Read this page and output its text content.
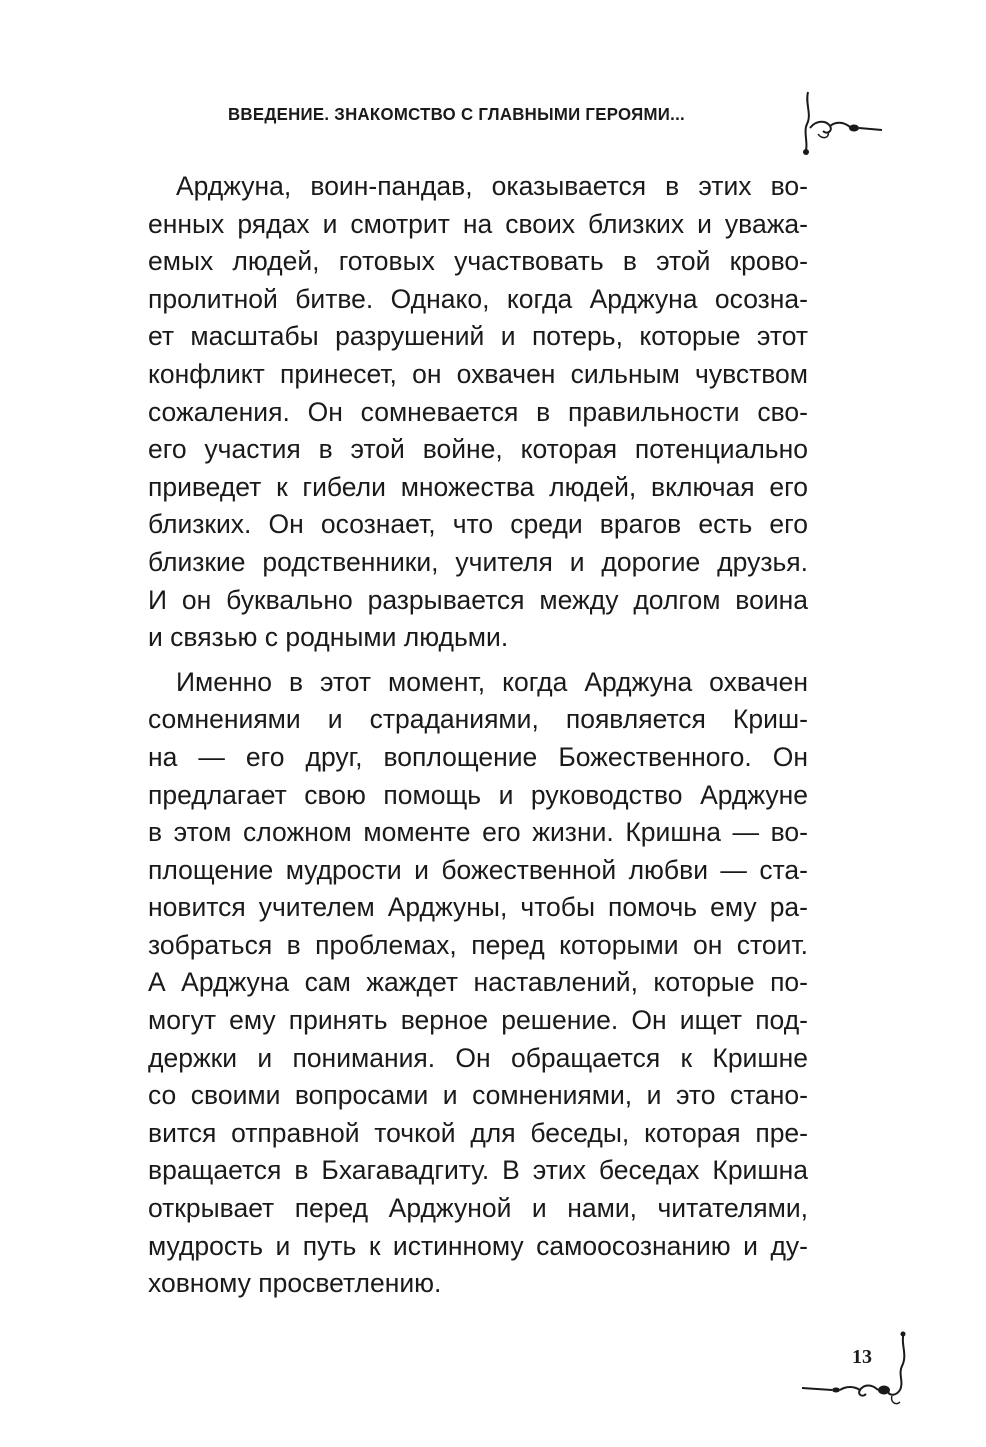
ВВЕДЕНИЕ. ЗНАКОМСТВО С ГЛАВНЫМИ ГЕРОЯМИ...
Арджуна, воин-пандав, оказывается в этих во-
енных рядах и смотрит на своих близких и уважа-
емых людей, готовых участвовать в этой крово-
пролитной битве. Однако, когда Арджуна осозна-
ет масштабы разрушений и потерь, которые этот
конфликт принесет, он охвачен сильным чувством
сожаления. Он сомневается в правильности сво-
его участия в этой войне, которая потенциально
приведет к гибели множества людей, включая его
близких. Он осознает, что среди врагов есть его
близкие родственники, учителя и дорогие друзья.
И он буквально разрывается между долгом воина
и связью с родными людьми.
Именно в этот момент, когда Арджуна охвачен
сомнениями и страданиями, появляется Криш-
на — его друг, воплощение Божественного. Он
предлагает свою помощь и руководство Арджуне
в этом сложном моменте его жизни. Кришна — во-
площение мудрости и божественной любви — ста-
новится учителем Арджуны, чтобы помочь ему ра-
зобраться в проблемах, перед которыми он стоит.
А Арджуна сам жаждет наставлений, которые по-
могут ему принять верное решение. Он ищет под-
держки и понимания. Он обращается к Кришне
со своими вопросами и сомнениями, и это стано-
вится отправной точкой для беседы, которая пре-
вращается в Бхагавадгиту. В этих беседах Кришна
открывает перед Арджуной и нами, читателями,
мудрость и путь к истинному самоосознанию и ду-
ховному просветлению.
13
